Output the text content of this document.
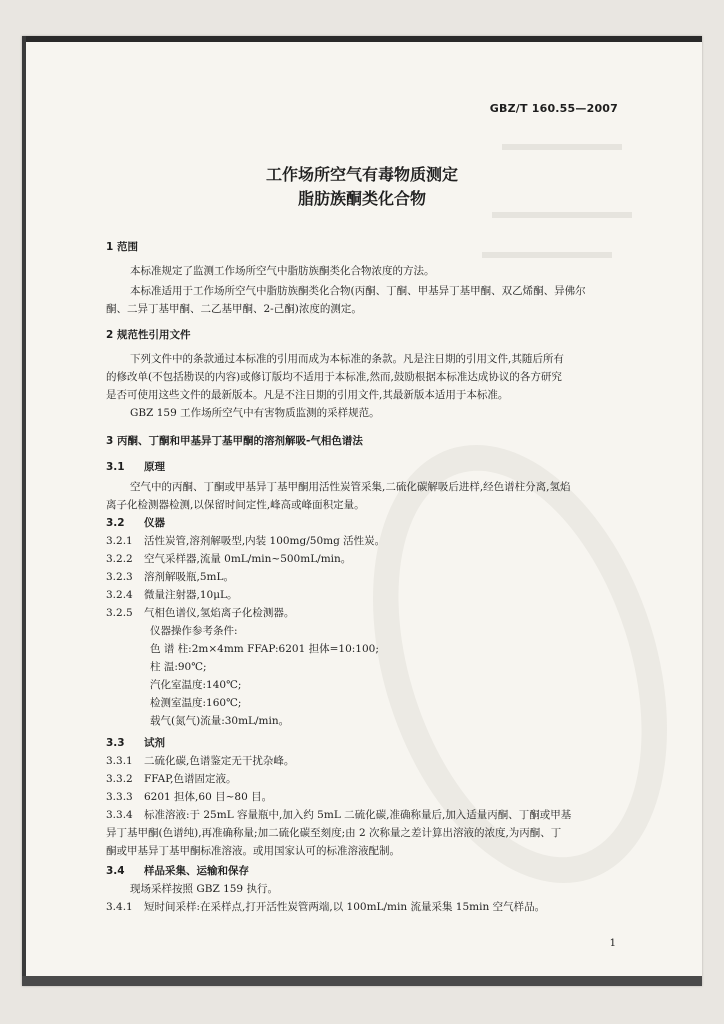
GBZ/T 160.55—2007
工作场所空气有毒物质测定
脂肪族酮类化合物
1 范围
本标准规定了监测工作场所空气中脂肪族酮类化合物浓度的方法。
本标准适用于工作场所空气中脂肪族酮类化合物(丙酮、丁酮、甲基异丁基甲酮、双乙烯酮、异佛尔
酮、二异丁基甲酮、二乙基甲酮、2-己酮)浓度的测定。
2 规范性引用文件
下列文件中的条款通过本标准的引用而成为本标准的条款。凡是注日期的引用文件,其随后所有
的修改单(不包括勘误的内容)或修订版均不适用于本标准,然而,鼓励根据本标准达成协议的各方研究
是否可使用这些文件的最新版本。凡是不注日期的引用文件,其最新版本适用于本标准。
GBZ 159 工作场所空气中有害物质监测的采样规范。
3 丙酮、丁酮和甲基异丁基甲酮的溶剂解吸-气相色谱法
3.1 原理
空气中的丙酮、丁酮或甲基异丁基甲酮用活性炭管采集,二硫化碳解吸后进样,经色谱柱分离,氢焰
离子化检测器检测,以保留时间定性,峰高或峰面积定量。
3.2 仪器
3.2.1 活性炭管,溶剂解吸型,内装 100mg/50mg 活性炭。
3.2.2 空气采样器,流量 0mL/min~500mL/min。
3.2.3 溶剂解吸瓶,5mL。
3.2.4 微量注射器,10μL。
3.2.5 气相色谱仪,氢焰离子化检测器。
仪器操作参考条件:
色 谱 柱:2m×4mm FFAP:6201 担体=10:100;
柱 温:90℃;
汽化室温度:140℃;
检测室温度:160℃;
载气(氮气)流量:30mL/min。
3.3 试剂
3.3.1 二硫化碳,色谱鉴定无干扰杂峰。
3.3.2 FFAP,色谱固定液。
3.3.3 6201 担体,60 目~80 目。
3.3.4 标准溶液:于 25mL 容量瓶中,加入约 5mL 二硫化碳,准确称量后,加入适量丙酮、丁酮或甲基
异丁基甲酮(色谱纯),再准确称量;加二硫化碳至刻度;由 2 次称量之差计算出溶液的浓度,为丙酮、丁
酮或甲基异丁基甲酮标准溶液。或用国家认可的标准溶液配制。
3.4 样品采集、运输和保存
现场采样按照 GBZ 159 执行。
3.4.1 短时间采样:在采样点,打开活性炭管两端,以 100mL/min 流量采集 15min 空气样品。
1
